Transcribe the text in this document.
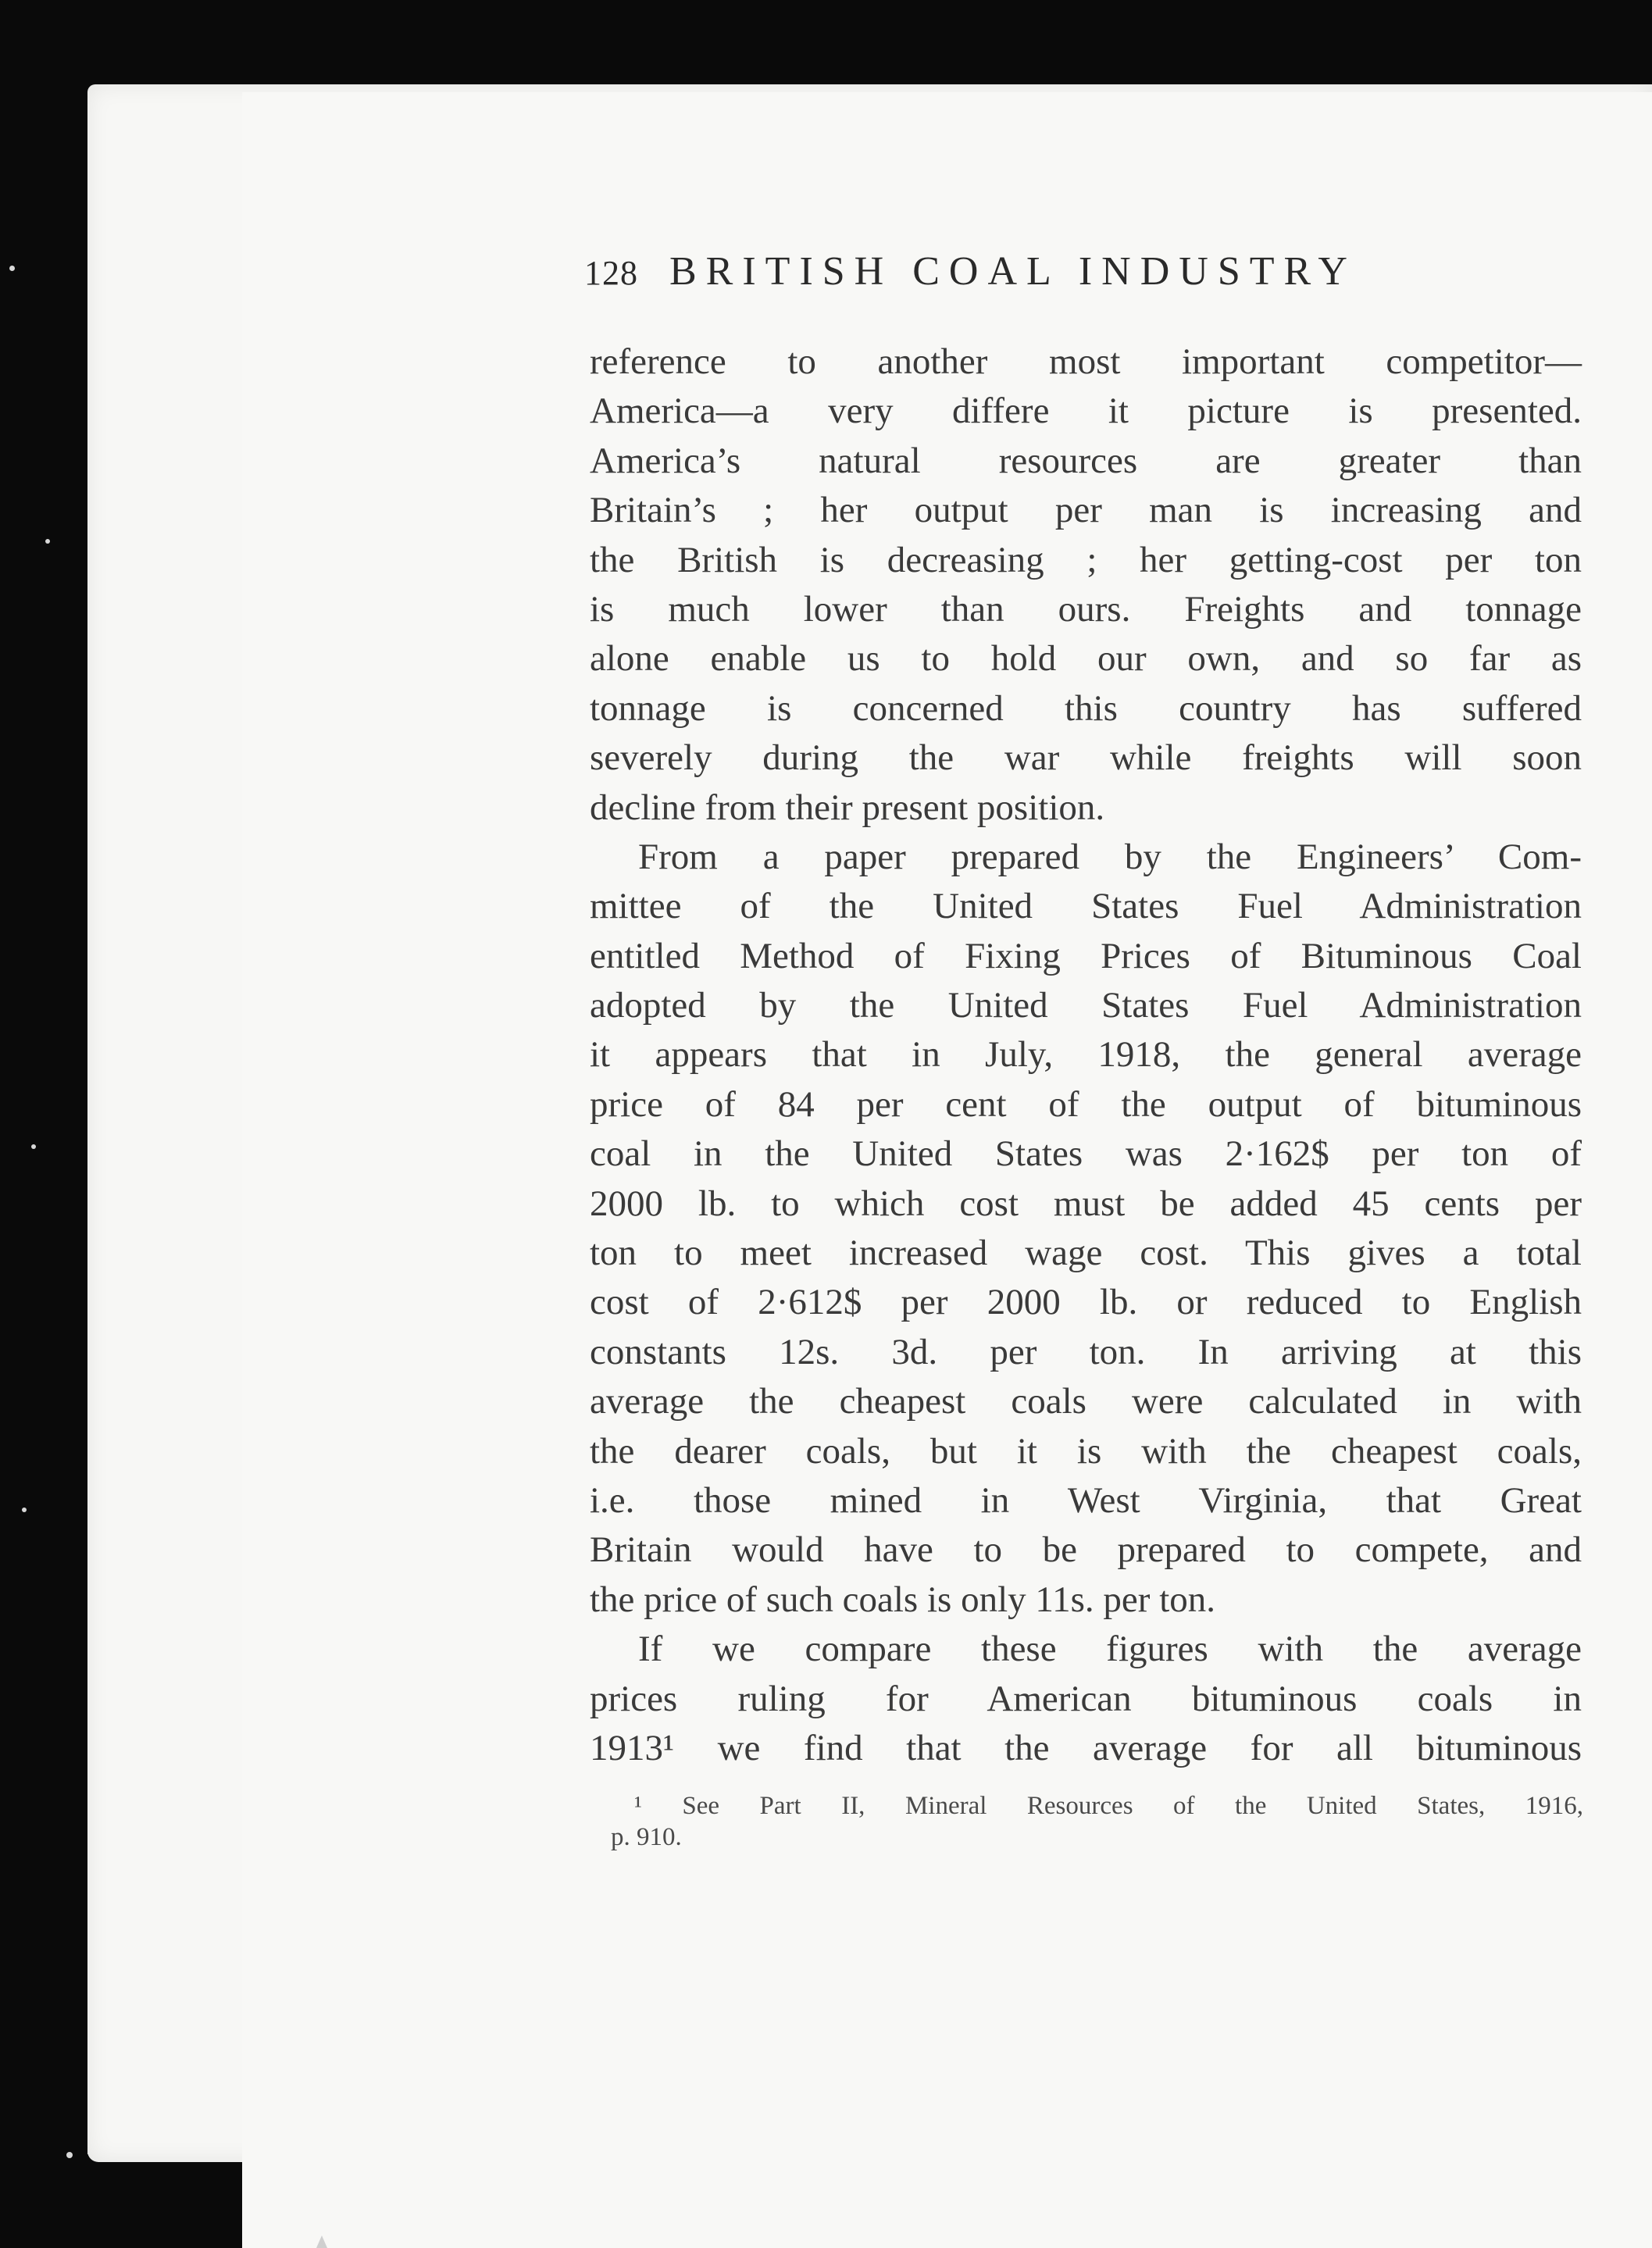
128 BRITISH COAL INDUSTRY
reference to another most important competitor—
America—a very differe it picture is presented.
America’s natural resources are greater than
Britain’s ; her output per man is increasing and
the British is decreasing ; her getting-cost per ton
is much lower than ours. Freights and tonnage
alone enable us to hold our own, and so far as
tonnage is concerned this country has suffered
severely during the war while freights will soon
decline from their present position.
From a paper prepared by the Engineers’ Com-
mittee of the United States Fuel Administration
entitled Method of Fixing Prices of Bituminous Coal
adopted by the United States Fuel Administration
it appears that in July, 1918, the general average
price of 84 per cent of the output of bituminous
coal in the United States was 2·162$ per ton of
2000 lb. to which cost must be added 45 cents per
ton to meet increased wage cost. This gives a total
cost of 2·612$ per 2000 lb. or reduced to English
constants 12s. 3d. per ton. In arriving at this
average the cheapest coals were calculated in with
the dearer coals, but it is with the cheapest coals,
i.e. those mined in West Virginia, that Great
Britain would have to be prepared to compete, and
the price of such coals is only 11s. per ton.
If we compare these figures with the average
prices ruling for American bituminous coals in
1913¹ we find that the average for all bituminous
¹ See Part II, Mineral Resources of the United States, 1916,
p. 910.
